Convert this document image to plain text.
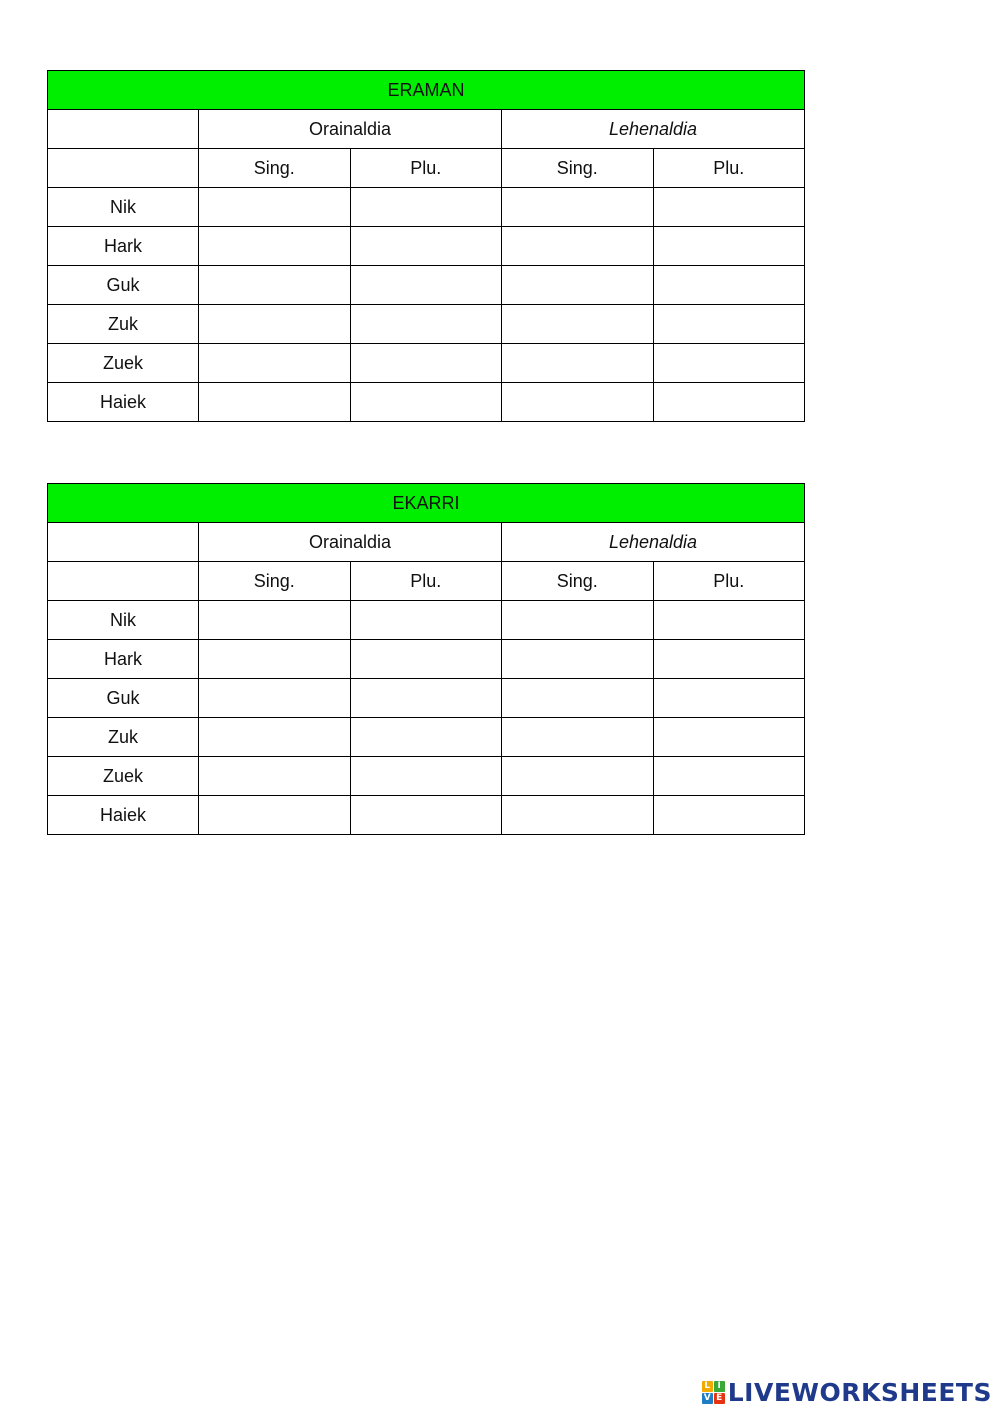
ERAMAN				
	Orainaldia		Lehenaldia	
	Sing.	Plu.	Sing.	Plu.
Nik				
Hark				
Guk				
Zuk				
Zuek				
Haiek				
EKARRI				
	Orainaldia		Lehenaldia	
	Sing.	Plu.	Sing.	Plu.
Nik				
Hark				
Guk				
Zuk				
Zuek				
Haiek				
L I
V E LIVEWORKSHEETS
